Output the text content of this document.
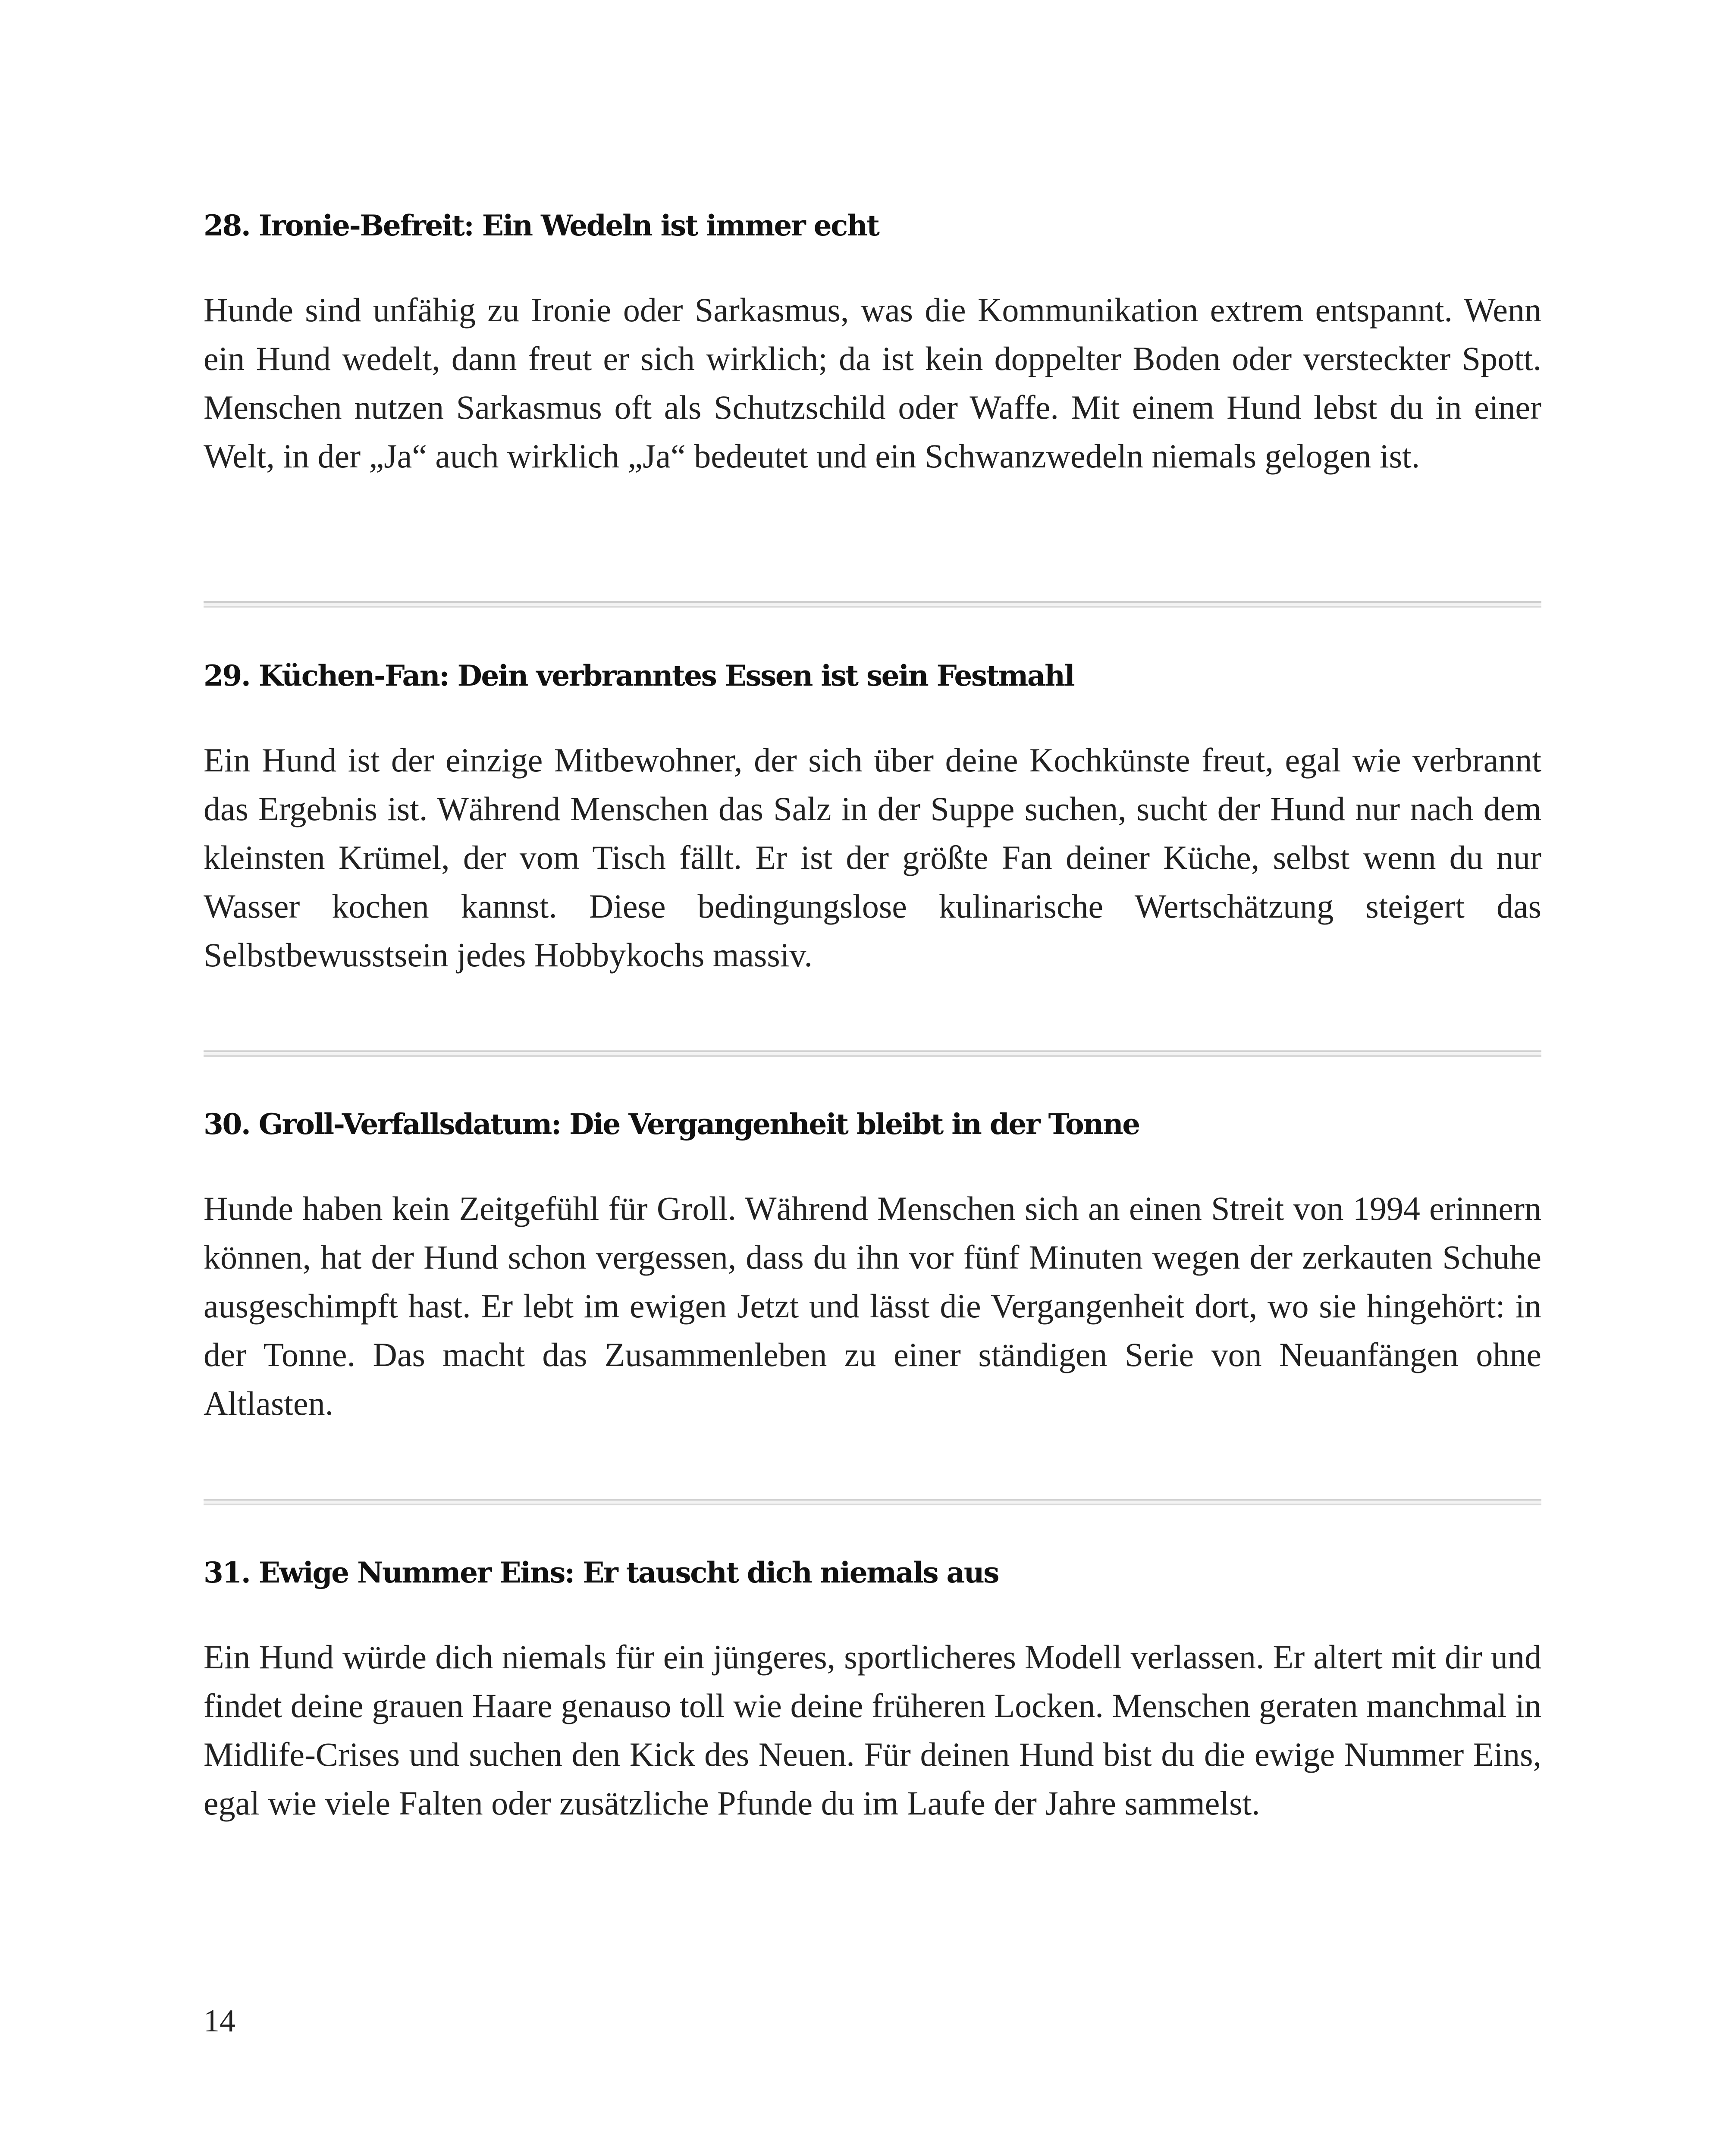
28. Ironie-Befreit: Ein Wedeln ist immer echt

Hunde sind unfähig zu Ironie oder Sarkasmus, was die Kommunikation extrem entspannt. Wenn ein Hund wedelt, dann freut er sich wirklich; da ist kein doppelter Boden oder versteckter Spott. Menschen nutzen Sarkasmus oft als Schutzschild oder Waffe. Mit einem Hund lebst du in einer Welt, in der „Ja“ auch wirklich „Ja“ bedeutet und ein Schwanzwedeln niemals gelogen ist.

29. Küchen-Fan: Dein verbranntes Essen ist sein Festmahl

Ein Hund ist der einzige Mitbewohner, der sich über deine Kochkünste freut, egal wie verbrannt das Ergebnis ist. Während Menschen das Salz in der Suppe suchen, sucht der Hund nur nach dem kleinsten Krümel, der vom Tisch fällt. Er ist der größte Fan deiner Küche, selbst wenn du nur Wasser kochen kannst. Diese bedingungslose kulinarische Wertschätzung steigert das Selbstbewusstsein jedes Hobbykochs massiv.

30. Groll-Verfallsdatum: Die Vergangenheit bleibt in der Tonne

Hunde haben kein Zeitgefühl für Groll. Während Menschen sich an einen Streit von 1994 erinnern können, hat der Hund schon vergessen, dass du ihn vor fünf Minuten wegen der zerkauten Schuhe ausgeschimpft hast. Er lebt im ewigen Jetzt und lässt die Vergangenheit dort, wo sie hingehört: in der Tonne. Das macht das Zusammenleben zu einer ständigen Serie von Neuanfängen ohne Altlasten.

31. Ewige Nummer Eins: Er tauscht dich niemals aus

Ein Hund würde dich niemals für ein jüngeres, sportlicheres Modell verlassen. Er altert mit dir und findet deine grauen Haare genauso toll wie deine früheren Locken. Menschen geraten manchmal in Midlife-Crises und suchen den Kick des Neuen. Für deinen Hund bist du die ewige Nummer Eins, egal wie viele Falten oder zusätzliche Pfunde du im Laufe der Jahre sammelst.

14
